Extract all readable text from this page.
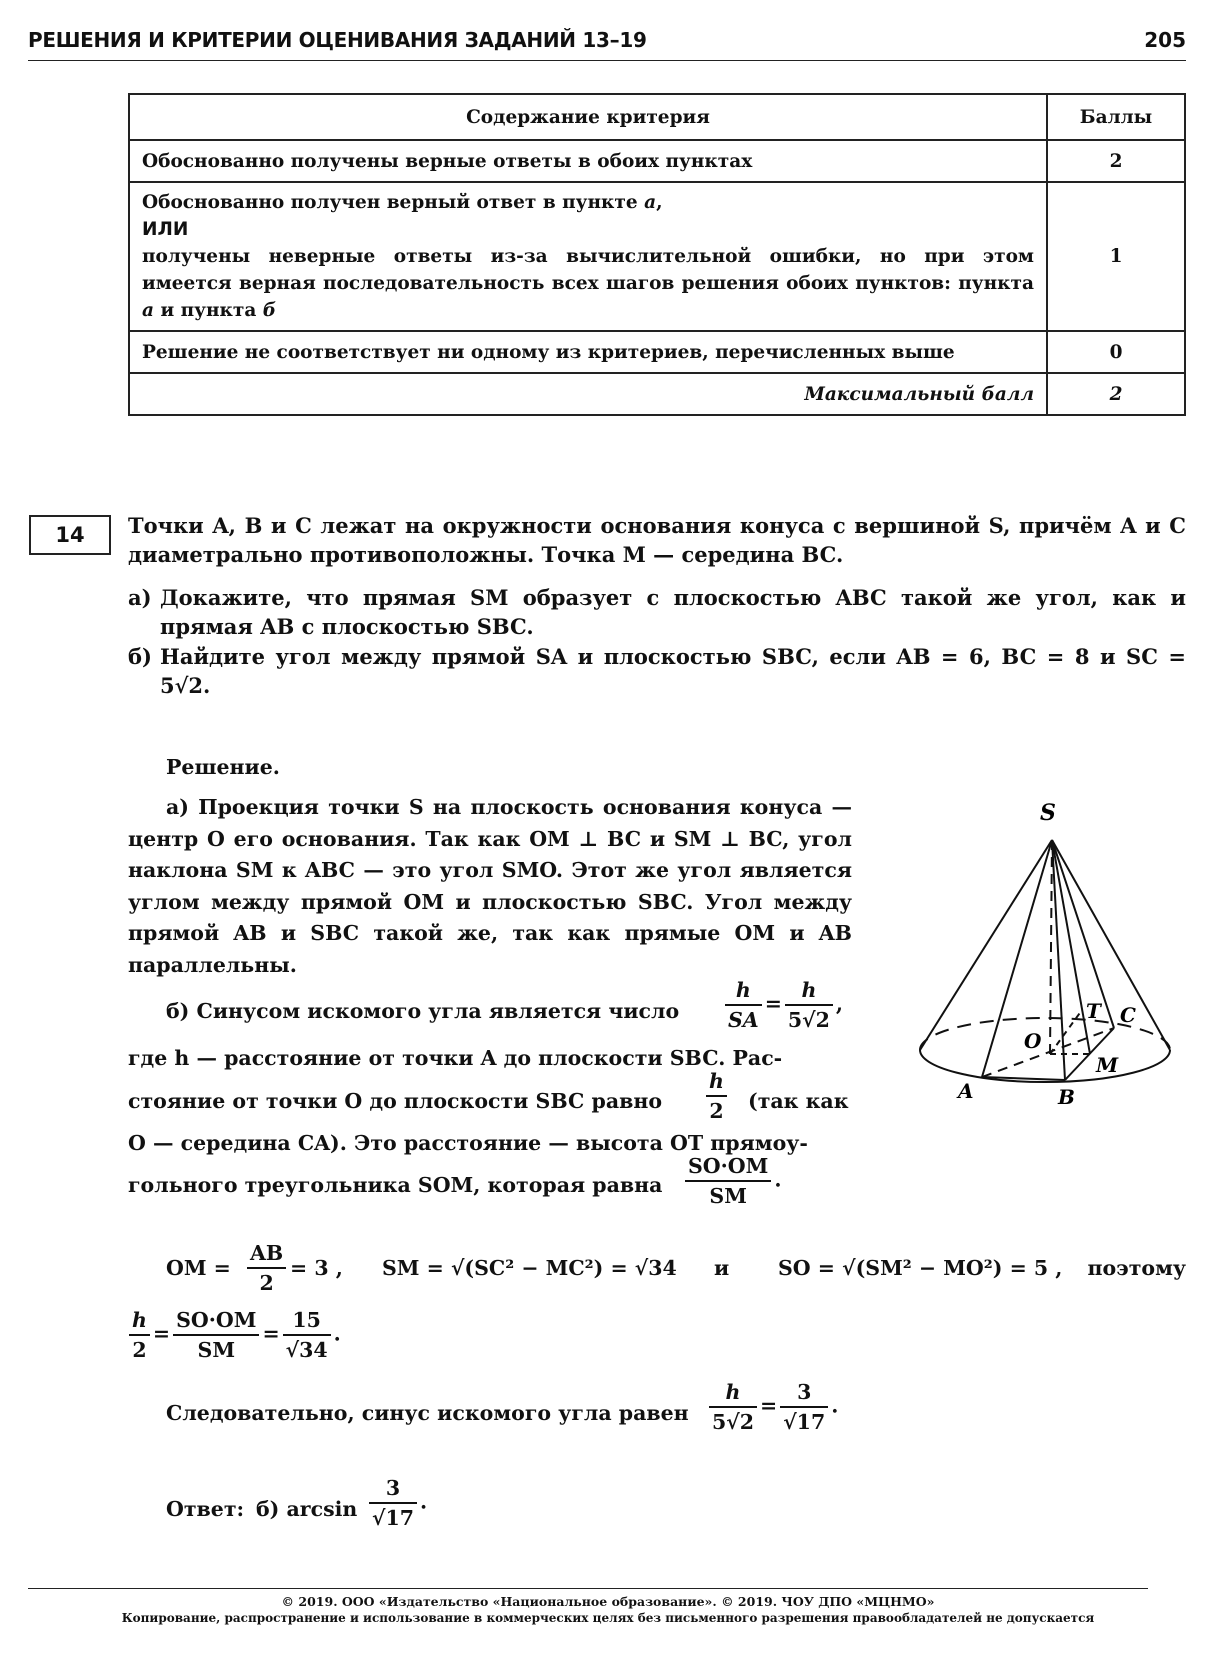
РЕШЕНИЯ И КРИТЕРИИ ОЦЕНИВАНИЯ ЗАДАНИЙ 13–19	205
Содержание критерия	Баллы
Обоснованно получены верные ответы в обоих пунктах	2
Обоснованно получен верный ответ в пункте а,
ИЛИ
получены неверные ответы из-за вычислительной ошибки, но при этом имеется верная последовательность всех шагов решения обоих пунктов: пункта а и пункта б	1
Решение не соответствует ни одному из критериев, перечисленных выше	0
Максимальный балл	2
14	Точки A, B и C лежат на окружности основания конуса с вершиной S, причём A и C диаметрально противоположны. Точка M — середина BC.
а) Докажите, что прямая SM образует с плоскостью ABC такой же угол, как и прямая AB с плоскостью SBC.
б) Найдите угол между прямой SA и плоскостью SBC, если AB = 6, BC = 8 и SC = 5√2.
Решение.
а) Проекция точки S на плоскость основания конуса — центр O его основания. Так как OM ⊥ BC и SM ⊥ BC, угол наклона SM к ABC — это угол SMO. Этот же угол является углом между прямой OM и плоскостью SBC. Угол между прямой AB и SBC такой же, так как прямые OM и AB параллельны.
б) Синусом искомого угла является число $\frac{h}{SA} = \frac{h}{5√2}$ ,
где h — расстояние от точки A до плоскости SBC. Рас-
стояние от точки O до плоскости SBC равно $\frac{h}{2} (так$ как
O — середина CA). Это расстояние — высота OT прямоу-
гольного треугольника SOM, которая равна $\frac{SO\cdot OM}{SM}$ .
OM = $\frac{AB}{2} = 3$ , SM = √(SC² − MC²) = √34 и SO = √(SM² − MO²) = 5 , поэтому
$\frac{h}{2} = \frac{SO\cdot OM}{SM} = \frac{15}{√34}$ .
Следовательно, синус искомого угла равен $\frac{h}{5√2} = \frac{3}{√17}$ .
Ответ: б) $\arcsin \frac{3}{√17}$ .
S
O
T C
M
A	B
© 2019. ООО «Издательство «Национальное образование». © 2019. ЧОУ ДПО «МЦНМО»
Копирование, распространение и использование в коммерческих целях без письменного разрешения правообладателей не допускается
